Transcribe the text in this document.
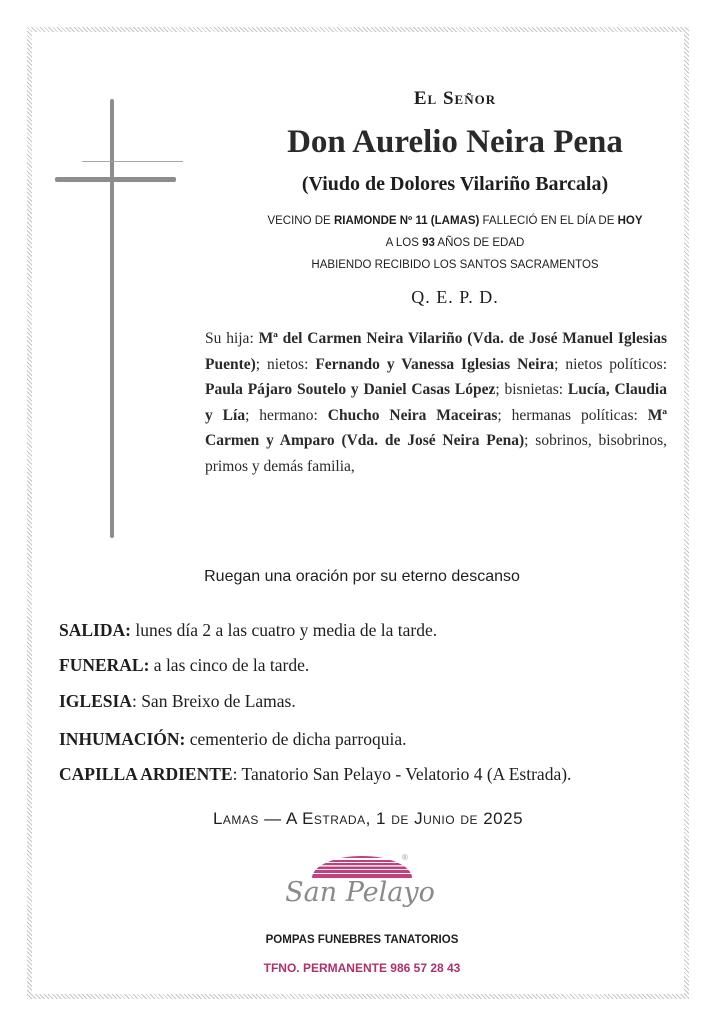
El Señor
Don Aurelio Neira Pena
(Viudo de Dolores Vilariño Barcala)
VECINO DE RIAMONDE Nº 11 (LAMAS) FALLECIÓ EN EL DÍA DE HOY
A LOS 93 AÑOS DE EDAD
HABIENDO RECIBIDO LOS SANTOS SACRAMENTOS
Q. E. P. D.
Su hija: Mª del Carmen Neira Vilariño (Vda. de José Manuel Iglesias Puente); nietos: Fernando y Vanessa Iglesias Neira; nietos políticos: Paula Pájaro Soutelo y Daniel Casas López; bisnietas: Lucía, Claudia y Lía; hermano: Chucho Neira Maceiras; hermanas políticas: Mª Carmen y Amparo (Vda. de José Neira Pena); sobrinos, bisobrinos, primos y demás familia,
Ruegan una oración por su eterno descanso
SALIDA: lunes día 2 a las cuatro y media de la tarde.
FUNERAL: a las cinco de la tarde.
IGLESIA: San Breixo de Lamas.
INHUMACIÓN: cementerio de dicha parroquia.
CAPILLA ARDIENTE: Tanatorio San Pelayo - Velatorio 4 (A Estrada).
Lamas — A Estrada, 1 de Junio de 2025
San Pelayo
®
POMPAS FUNEBRES TANATORIOS
TFNO. PERMANENTE 986 57 28 43
